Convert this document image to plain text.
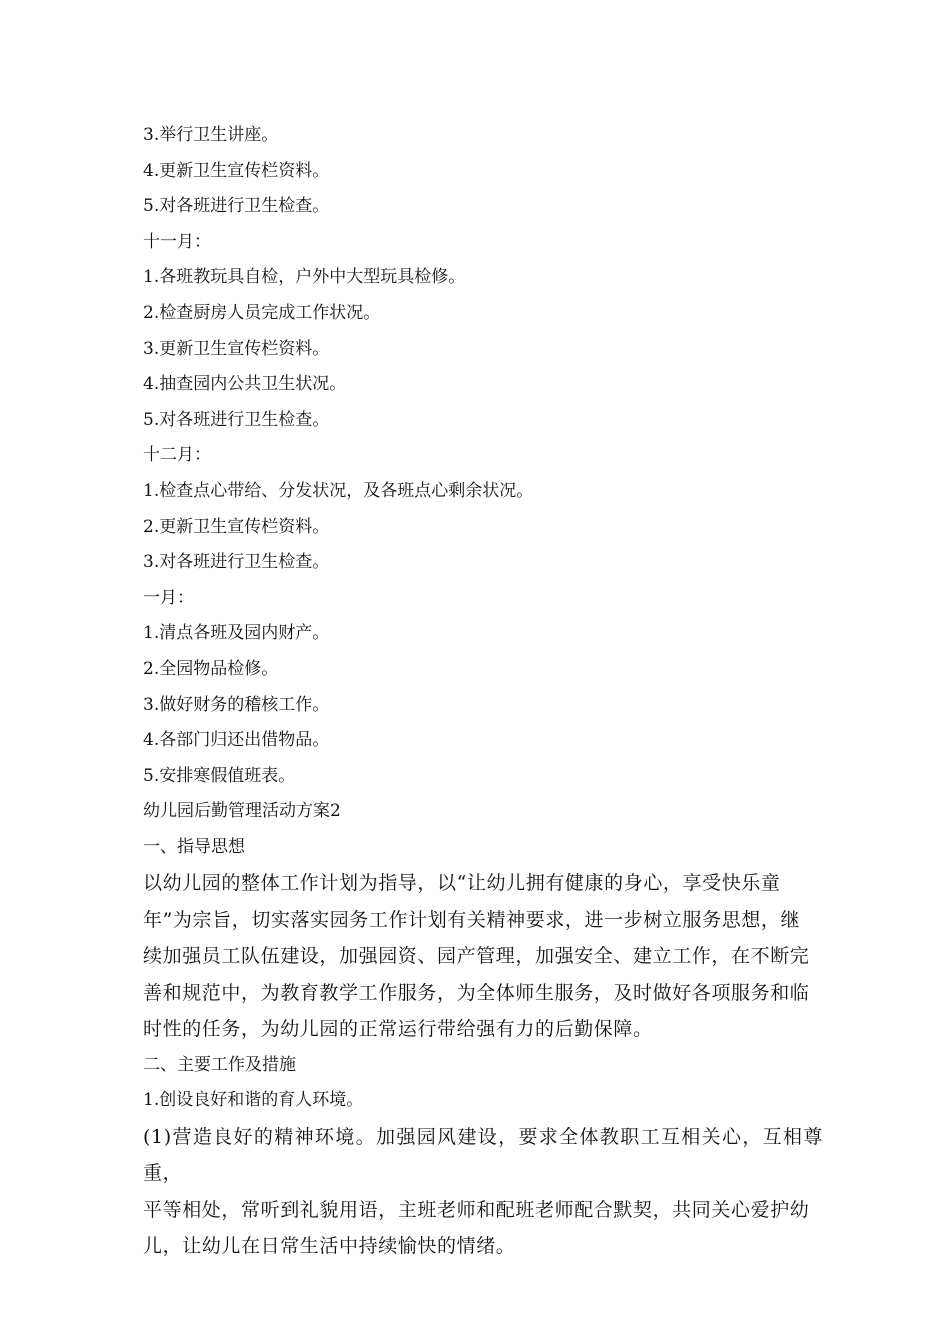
3.举行卫生讲座。

4.更新卫生宣传栏资料。

5.对各班进行卫生检查。

十一月：

1.各班教玩具自检，户外中大型玩具检修。

2.检查厨房人员完成工作状况。

3.更新卫生宣传栏资料。

4.抽查园内公共卫生状况。

5.对各班进行卫生检查。

十二月：

1.检查点心带给、分发状况，及各班点心剩余状况。

2.更新卫生宣传栏资料。

3.对各班进行卫生检查。

一月：

1.清点各班及园内财产。

2.全园物品检修。

3.做好财务的稽核工作。

4.各部门归还出借物品。

5.安排寒假值班表。

幼儿园后勤管理活动方案2

一、指导思想

以幼儿园的整体工作计划为指导，以“让幼儿拥有健康的身心，享受快乐童

年”为宗旨，切实落实园务工作计划有关精神要求，进一步树立服务思想，继

续加强员工队伍建设，加强园资、园产管理，加强安全、建立工作，在不断完

善和规范中，为教育教学工作服务，为全体师生服务，及时做好各项服务和临

时性的任务，为幼儿园的正常运行带给强有力的后勤保障。

二、主要工作及措施

1.创设良好和谐的育人环境。

(1)营造良好的精神环境。加强园风建设，要求全体教职工互相关心，互相尊重，

平等相处，常听到礼貌用语，主班老师和配班老师配合默契，共同关心爱护幼

儿，让幼儿在日常生活中持续愉快的情绪。
